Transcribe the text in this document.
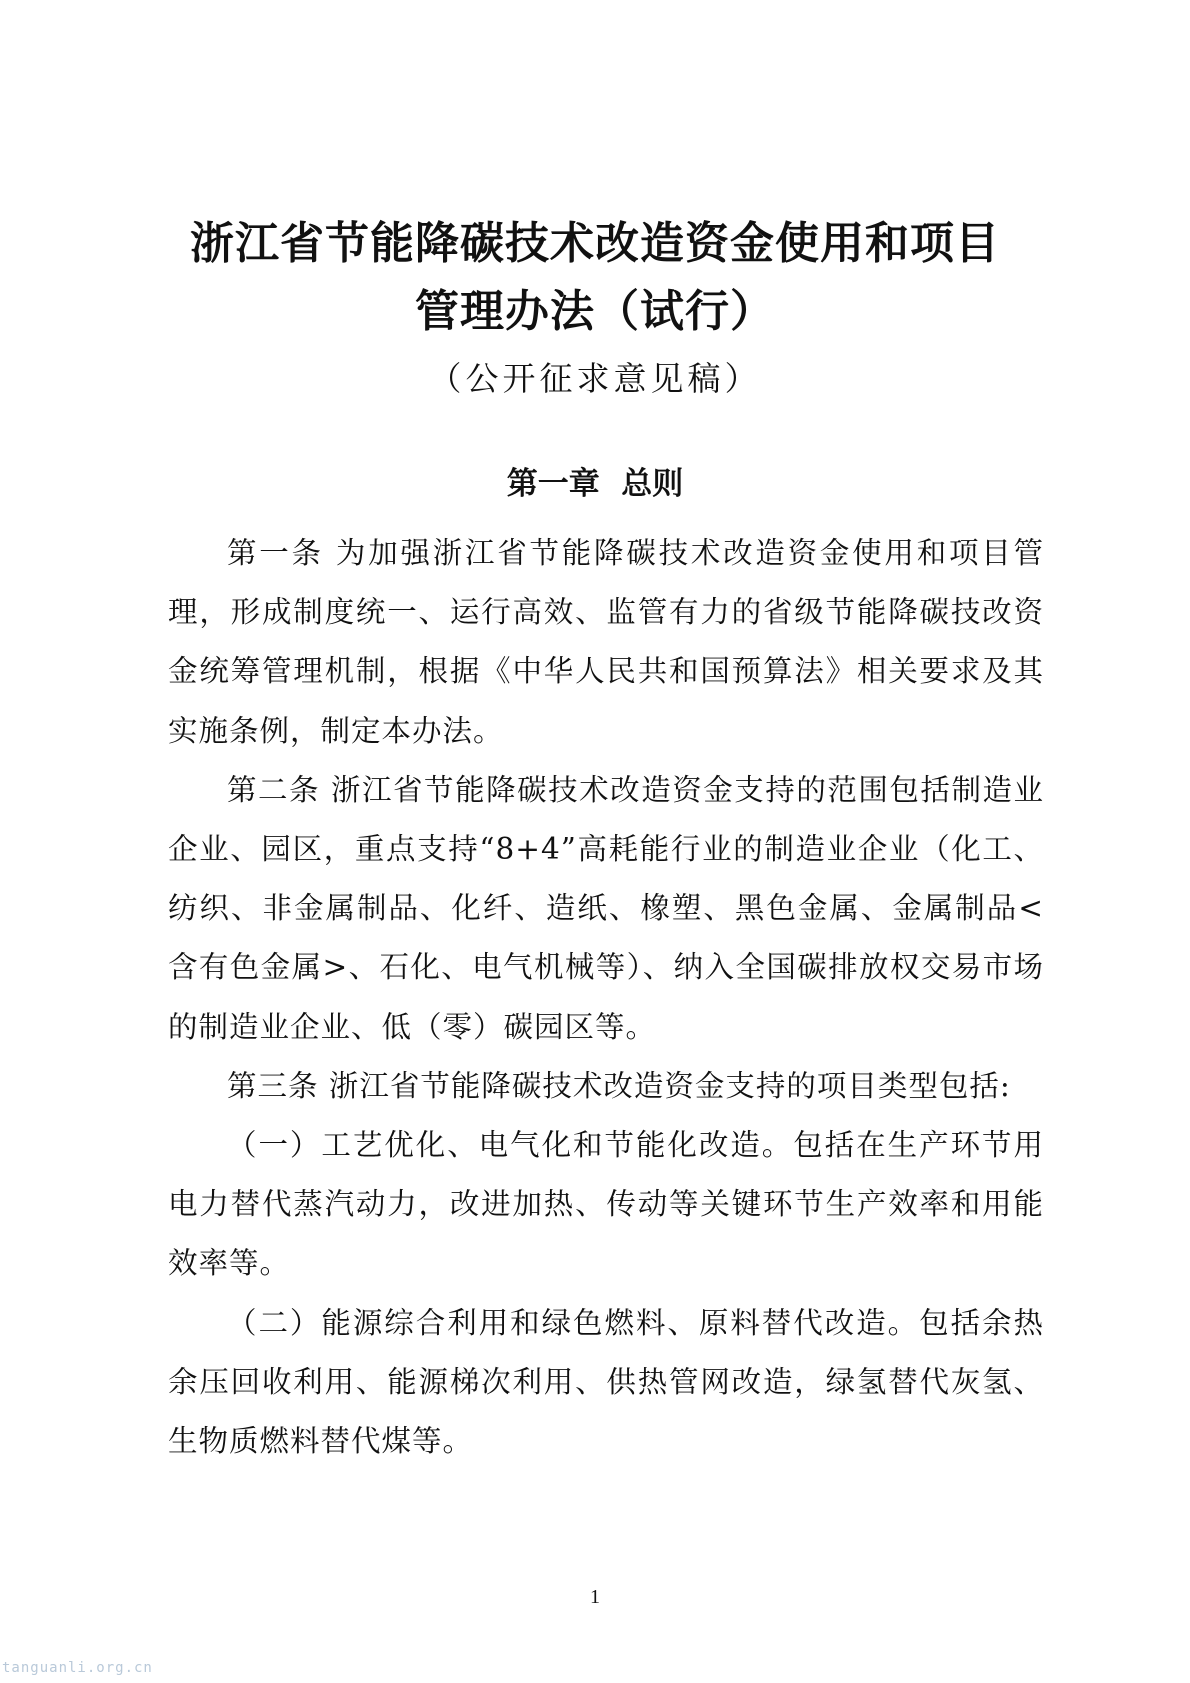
浙江省节能降碳技术改造资金使用和项目
管理办法（试行）
（公开征求意见稿）
第一章  总则

第一条 为加强浙江省节能降碳技术改造资金使用和项目管理，形成制度统一、运行高效、监管有力的省级节能降碳技改资金统筹管理机制，根据《中华人民共和国预算法》相关要求及其实施条例，制定本办法。

第二条 浙江省节能降碳技术改造资金支持的范围包括制造业企业、园区，重点支持“8+4”高耗能行业的制造业企业（化工、纺织、非金属制品、化纤、造纸、橡塑、黑色金属、金属制品<含有色金属>、石化、电气机械等）、纳入全国碳排放权交易市场的制造业企业、低（零）碳园区等。

第三条 浙江省节能降碳技术改造资金支持的项目类型包括:

（一）工艺优化、电气化和节能化改造。包括在生产环节用电力替代蒸汽动力，改进加热、传动等关键环节生产效率和用能效率等。

（二）能源综合利用和绿色燃料、原料替代改造。包括余热余压回收利用、能源梯次利用、供热管网改造，绿氢替代灰氢、生物质燃料替代煤等。

1
tanguanli.org.cn
